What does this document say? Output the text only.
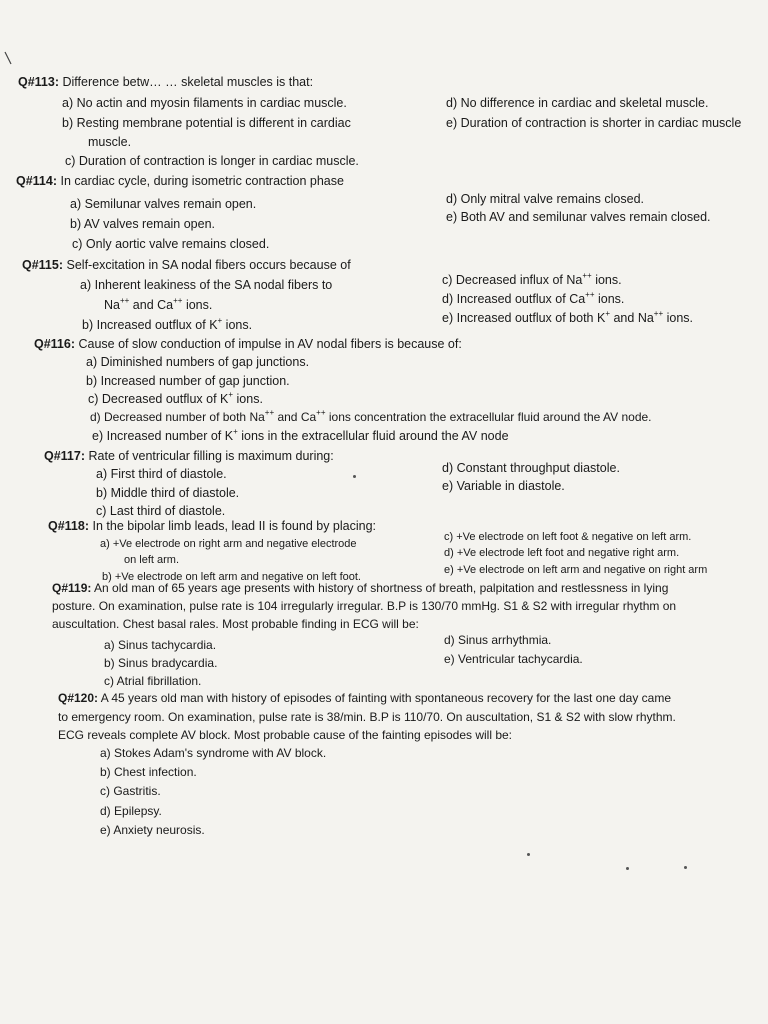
Q#113: Difference betw… … skeletal muscles is that:
a) No actin and myosin filaments in cardiac muscle.
b) Resting membrane potential is different in cardiac
muscle.
c) Duration of contraction is longer in cardiac muscle.
d) No difference in cardiac and skeletal muscle.
e) Duration of contraction is shorter in cardiac muscle
Q#114: In cardiac cycle, during isometric contraction phase
a) Semilunar valves remain open.
b) AV valves remain open.
c) Only aortic valve remains closed.
d) Only mitral valve remains closed.
e) Both AV and semilunar valves remain closed.
Q#115: Self-excitation in SA nodal fibers occurs because of
a) Inherent leakiness of the SA nodal fibers to
Na++ and Ca++ ions.
b) Increased outflux of K+ ions.
c) Decreased influx of Na++ ions.
d) Increased outflux of Ca++ ions.
e) Increased outflux of both K+ and Na++ ions.
Q#116: Cause of slow conduction of impulse in AV nodal fibers is because of:
a) Diminished numbers of gap junctions.
b) Increased number of gap junction.
c) Decreased outflux of K+ ions.
d) Decreased number of both Na++ and Ca++ ions concentration the extracellular fluid around the AV node.
e) Increased number of K+ ions in the extracellular fluid around the AV node
Q#117: Rate of ventricular filling is maximum during:
a) First third of diastole.
b) Middle third of diastole.
c) Last third of diastole.
d) Constant throughput diastole.
e) Variable in diastole.
Q#118: In the bipolar limb leads, lead II is found by placing:
a) +Ve electrode on right arm and negative electrode
on left arm.
b) +Ve electrode on left arm and negative on left foot.
c) +Ve electrode on left foot & negative on left arm.
d) +Ve electrode left foot and negative right arm.
e) +Ve electrode on left arm and negative on right arm
Q#119: An old man of 65 years age presents with history of shortness of breath, palpitation and restlessness in lying
posture. On examination, pulse rate is 104 irregularly irregular. B.P is 130/70 mmHg. S1 & S2 with irregular rhythm on
auscultation. Chest basal rales. Most probable finding in ECG will be:
a) Sinus tachycardia.
b) Sinus bradycardia.
c) Atrial fibrillation.
d) Sinus arrhythmia.
e) Ventricular tachycardia.
Q#120: A 45 years old man with history of episodes of fainting with spontaneous recovery for the last one day came
to emergency room. On examination, pulse rate is 38/min. B.P is 110/70. On auscultation, S1 & S2 with slow rhythm.
ECG reveals complete AV block. Most probable cause of the fainting episodes will be:
a) Stokes Adam's syndrome with AV block.
b) Chest infection.
c) Gastritis.
d) Epilepsy.
e) Anxiety neurosis.
